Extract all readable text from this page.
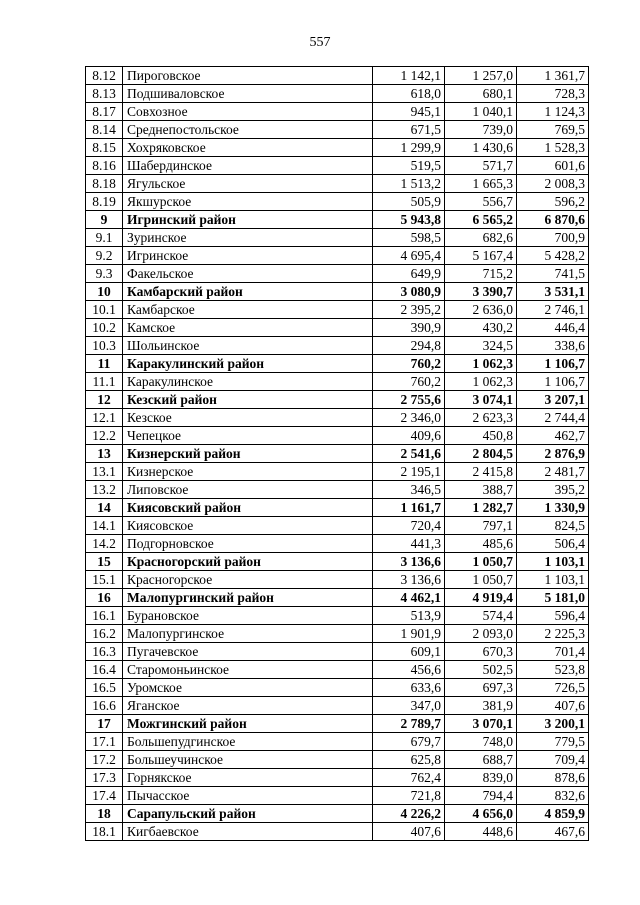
557
8.12	Пироговское	1 142,1	1 257,0	1 361,7
8.13	Подшиваловское	618,0	680,1	728,3
8.17	Совхозное	945,1	1 040,1	1 124,3
8.14	Среднепостольское	671,5	739,0	769,5
8.15	Хохряковское	1 299,9	1 430,6	1 528,3
8.16	Шабердинское	519,5	571,7	601,6
8.18	Ягульское	1 513,2	1 665,3	2 008,3
8.19	Якшурское	505,9	556,7	596,2
9	Игринский район	5 943,8	6 565,2	6 870,6
9.1	Зуринское	598,5	682,6	700,9
9.2	Игринское	4 695,4	5 167,4	5 428,2
9.3	Факельское	649,9	715,2	741,5
10	Камбарский район	3 080,9	3 390,7	3 531,1
10.1	Камбарское	2 395,2	2 636,0	2 746,1
10.2	Камское	390,9	430,2	446,4
10.3	Шольинское	294,8	324,5	338,6
11	Каракулинский район	760,2	1 062,3	1 106,7
11.1	Каракулинское	760,2	1 062,3	1 106,7
12	Кезский район	2 755,6	3 074,1	3 207,1
12.1	Кезское	2 346,0	2 623,3	2 744,4
12.2	Чепецкое	409,6	450,8	462,7
13	Кизнерский район	2 541,6	2 804,5	2 876,9
13.1	Кизнерское	2 195,1	2 415,8	2 481,7
13.2	Липовское	346,5	388,7	395,2
14	Киясовский район	1 161,7	1 282,7	1 330,9
14.1	Киясовское	720,4	797,1	824,5
14.2	Подгорновское	441,3	485,6	506,4
15	Красногорский район	3 136,6	1 050,7	1 103,1
15.1	Красногорское	3 136,6	1 050,7	1 103,1
16	Малопургинский район	4 462,1	4 919,4	5 181,0
16.1	Бурановское	513,9	574,4	596,4
16.2	Малопургинское	1 901,9	2 093,0	2 225,3
16.3	Пугачевское	609,1	670,3	701,4
16.4	Старомоньинское	456,6	502,5	523,8
16.5	Уромское	633,6	697,3	726,5
16.6	Яганское	347,0	381,9	407,6
17	Можгинский район	2 789,7	3 070,1	3 200,1
17.1	Большепудгинское	679,7	748,0	779,5
17.2	Большеучинское	625,8	688,7	709,4
17.3	Горнякское	762,4	839,0	878,6
17.4	Пычасское	721,8	794,4	832,6
18	Сарапульский район	4 226,2	4 656,0	4 859,9
18.1	Кигбаевское	407,6	448,6	467,6
